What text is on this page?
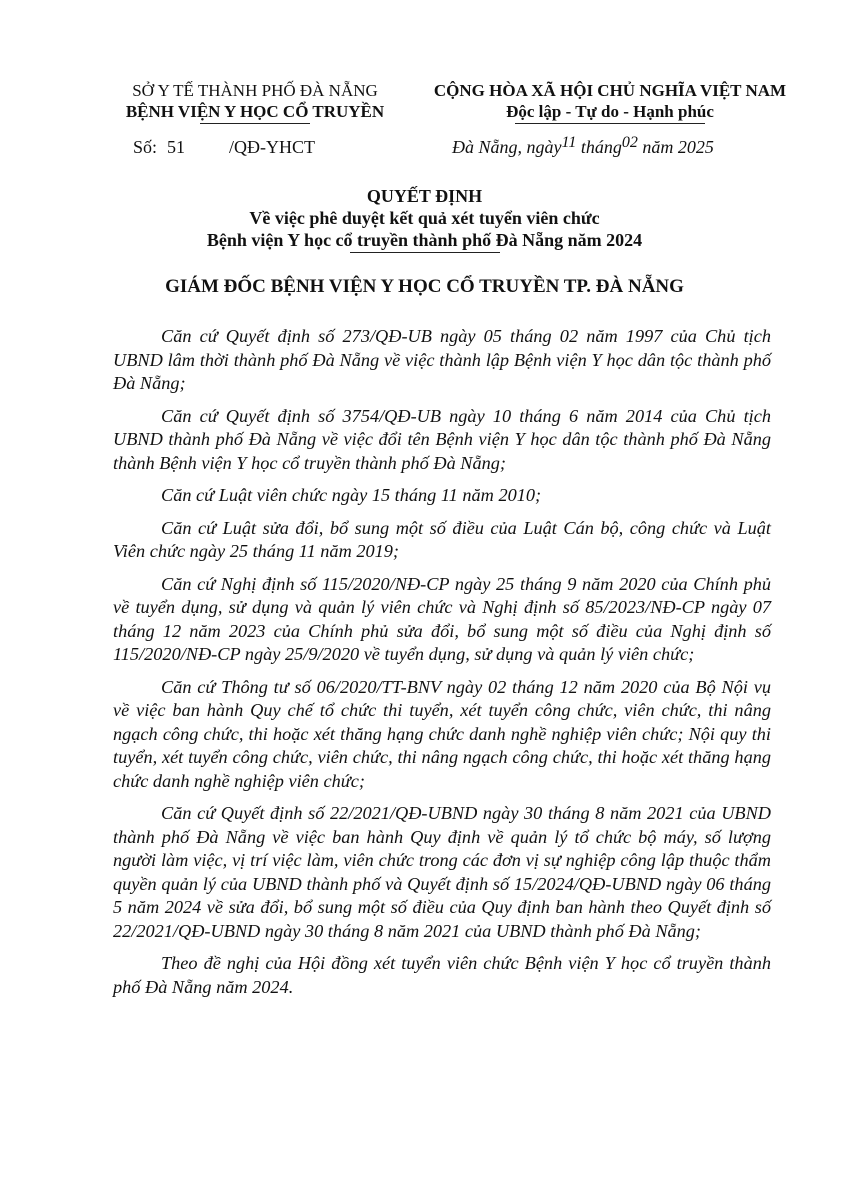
SỞ Y TẾ THÀNH PHỐ ĐÀ NẴNG
BỆNH VIỆN Y HỌC CỔ TRUYỀN
CỘNG HÒA XÃ HỘI CHỦ NGHĨA VIỆT NAM
Độc lập - Tự do - Hạnh phúc
Số: 51 /QĐ-YHCT	Đà Nẵng, ngày11 tháng02 năm 2025
QUYẾT ĐỊNH
Về việc phê duyệt kết quả xét tuyển viên chức
Bệnh viện Y học cổ truyền thành phố Đà Nẵng năm 2024
GIÁM ĐỐC BỆNH VIỆN Y HỌC CỔ TRUYỀN TP. ĐÀ NẴNG

Căn cứ Quyết định số 273/QĐ-UB ngày 05 tháng 02 năm 1997 của Chủ tịch UBND lâm thời thành phố Đà Nẵng về việc thành lập Bệnh viện Y học dân tộc thành phố Đà Nẵng;

Căn cứ Quyết định số 3754/QĐ-UB ngày 10 tháng 6 năm 2014 của Chủ tịch UBND thành phố Đà Nẵng về việc đổi tên Bệnh viện Y học dân tộc thành phố Đà Nẵng thành Bệnh viện Y học cổ truyền thành phố Đà Nẵng;

Căn cứ Luật viên chức ngày 15 tháng 11 năm 2010;

Căn cứ Luật sửa đổi, bổ sung một số điều của Luật Cán bộ, công chức và Luật Viên chức ngày 25 tháng 11 năm 2019;

Căn cứ Nghị định số 115/2020/NĐ-CP ngày 25 tháng 9 năm 2020 của Chính phủ về tuyển dụng, sử dụng và quản lý viên chức và Nghị định số 85/2023/NĐ-CP ngày 07 tháng 12 năm 2023 của Chính phủ sửa đổi, bổ sung một số điều của Nghị định số 115/2020/NĐ-CP ngày 25/9/2020 về tuyển dụng, sử dụng và quản lý viên chức;

Căn cứ Thông tư số 06/2020/TT-BNV ngày 02 tháng 12 năm 2020 của Bộ Nội vụ về việc ban hành Quy chế tổ chức thi tuyển, xét tuyển công chức, viên chức, thi nâng ngạch công chức, thi hoặc xét thăng hạng chức danh nghề nghiệp viên chức; Nội quy thi tuyển, xét tuyển công chức, viên chức, thi nâng ngạch công chức, thi hoặc xét thăng hạng chức danh nghề nghiệp viên chức;

Căn cứ Quyết định số 22/2021/QĐ-UBND ngày 30 tháng 8 năm 2021 của UBND thành phố Đà Nẵng về việc ban hành Quy định về quản lý tổ chức bộ máy, số lượng người làm việc, vị trí việc làm, viên chức trong các đơn vị sự nghiệp công lập thuộc thẩm quyền quản lý của UBND thành phố và Quyết định số 15/2024/QĐ-UBND ngày 06 tháng 5 năm 2024 về sửa đổi, bổ sung một số điều của Quy định ban hành theo Quyết định số 22/2021/QĐ-UBND ngày 30 tháng 8 năm 2021 của UBND thành phố Đà Nẵng;

Theo đề nghị của Hội đồng xét tuyển viên chức Bệnh viện Y học cổ truyền thành phố Đà Nẵng năm 2024.
